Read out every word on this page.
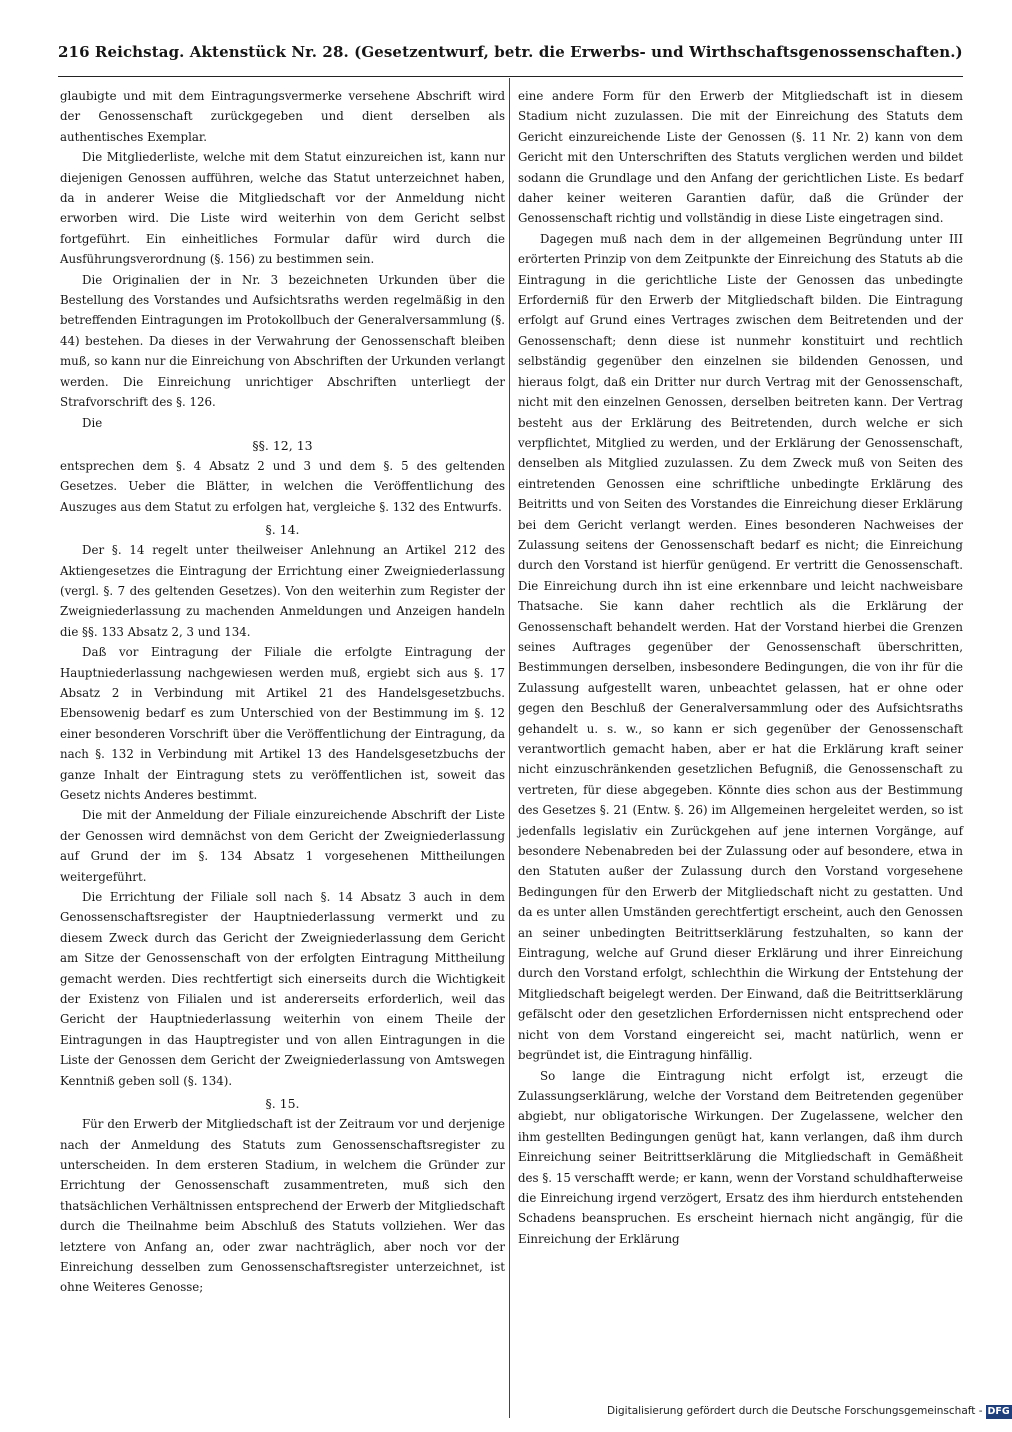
216 Reichstag. Aktenstück Nr. 28. (Gesetzentwurf, betr. die Erwerbs- und Wirthschaftsgenossenschaften.)

glaubigte und mit dem Eintragungsvermerke versehene Abschrift wird der Genossenschaft zurückgegeben und dient derselben als authentisches Exemplar.

Die Mitgliederliste, welche mit dem Statut einzureichen ist, kann nur diejenigen Genossen aufführen, welche das Statut unterzeichnet haben, da in anderer Weise die Mitgliedschaft vor der Anmeldung nicht erworben wird. Die Liste wird weiterhin von dem Gericht selbst fortgeführt. Ein einheitliches Formular dafür wird durch die Ausführungsverordnung (§. 156) zu bestimmen sein.

Die Originalien der in Nr. 3 bezeichneten Urkunden über die Bestellung des Vorstandes und Aufsichtsraths werden regelmäßig in den betreffenden Eintragungen im Protokollbuch der Generalversammlung (§. 44) bestehen. Da dieses in der Verwahrung der Genossenschaft bleiben muß, so kann nur die Einreichung von Abschriften der Urkunden verlangt werden. Die Einreichung unrichtiger Abschriften unterliegt der Strafvorschrift des §. 126.

Die

§§. 12, 13

entsprechen dem §. 4 Absatz 2 und 3 und dem §. 5 des geltenden Gesetzes. Ueber die Blätter, in welchen die Veröffentlichung des Auszuges aus dem Statut zu erfolgen hat, vergleiche §. 132 des Entwurfs.

§. 14.

Der §. 14 regelt unter theilweiser Anlehnung an Artikel 212 des Aktiengesetzes die Eintragung der Errichtung einer Zweigniederlassung (vergl. §. 7 des geltenden Gesetzes). Von den weiterhin zum Register der Zweigniederlassung zu machenden Anmeldungen und Anzeigen handeln die §§. 133 Absatz 2, 3 und 134.

Daß vor Eintragung der Filiale die erfolgte Eintragung der Hauptniederlassung nachgewiesen werden muß, ergiebt sich aus §. 17 Absatz 2 in Verbindung mit Artikel 21 des Handelsgesetzbuchs. Ebensowenig bedarf es zum Unterschied von der Bestimmung im §. 12 einer besonderen Vorschrift über die Veröffentlichung der Eintragung, da nach §. 132 in Verbindung mit Artikel 13 des Handelsgesetzbuchs der ganze Inhalt der Eintragung stets zu veröffentlichen ist, soweit das Gesetz nichts Anderes bestimmt.

Die mit der Anmeldung der Filiale einzureichende Abschrift der Liste der Genossen wird demnächst von dem Gericht der Zweigniederlassung auf Grund der im §. 134 Absatz 1 vorgesehenen Mittheilungen weitergeführt.

Die Errichtung der Filiale soll nach §. 14 Absatz 3 auch in dem Genossenschaftsregister der Hauptniederlassung vermerkt und zu diesem Zweck durch das Gericht der Zweigniederlassung dem Gericht am Sitze der Genossenschaft von der erfolgten Eintragung Mittheilung gemacht werden. Dies rechtfertigt sich einerseits durch die Wichtigkeit der Existenz von Filialen und ist andererseits erforderlich, weil das Gericht der Hauptniederlassung weiterhin von einem Theile der Eintragungen in das Hauptregister und von allen Eintragungen in die Liste der Genossen dem Gericht der Zweigniederlassung von Amtswegen Kenntniß geben soll (§. 134).

§. 15.

Für den Erwerb der Mitgliedschaft ist der Zeitraum vor und derjenige nach der Anmeldung des Statuts zum Genossenschaftsregister zu unterscheiden. In dem ersteren Stadium, in welchem die Gründer zur Errichtung der Genossenschaft zusammentreten, muß sich den thatsächlichen Verhältnissen entsprechend der Erwerb der Mitgliedschaft durch die Theilnahme beim Abschluß des Statuts vollziehen. Wer das letztere von Anfang an, oder zwar nachträglich, aber noch vor der Einreichung desselben zum Genossenschaftsregister unterzeichnet, ist ohne Weiteres Genosse;

eine andere Form für den Erwerb der Mitgliedschaft ist in diesem Stadium nicht zuzulassen. Die mit der Einreichung des Statuts dem Gericht einzureichende Liste der Genossen (§. 11 Nr. 2) kann von dem Gericht mit den Unterschriften des Statuts verglichen werden und bildet sodann die Grundlage und den Anfang der gerichtlichen Liste. Es bedarf daher keiner weiteren Garantien dafür, daß die Gründer der Genossenschaft richtig und vollständig in diese Liste eingetragen sind.

Dagegen muß nach dem in der allgemeinen Begründung unter III erörterten Prinzip von dem Zeitpunkte der Einreichung des Statuts ab die Eintragung in die gerichtliche Liste der Genossen das unbedingte Erforderniß für den Erwerb der Mitgliedschaft bilden. Die Eintragung erfolgt auf Grund eines Vertrages zwischen dem Beitretenden und der Genossenschaft; denn diese ist nunmehr konstituirt und rechtlich selbständig gegenüber den einzelnen sie bildenden Genossen, und hieraus folgt, daß ein Dritter nur durch Vertrag mit der Genossenschaft, nicht mit den einzelnen Genossen, derselben beitreten kann. Der Vertrag besteht aus der Erklärung des Beitretenden, durch welche er sich verpflichtet, Mitglied zu werden, und der Erklärung der Genossenschaft, denselben als Mitglied zuzulassen. Zu dem Zweck muß von Seiten des eintretenden Genossen eine schriftliche unbedingte Erklärung des Beitritts und von Seiten des Vorstandes die Einreichung dieser Erklärung bei dem Gericht verlangt werden. Eines besonderen Nachweises der Zulassung seitens der Genossenschaft bedarf es nicht; die Einreichung durch den Vorstand ist hierfür genügend. Er vertritt die Genossenschaft. Die Einreichung durch ihn ist eine erkennbare und leicht nachweisbare Thatsache. Sie kann daher rechtlich als die Erklärung der Genossenschaft behandelt werden. Hat der Vorstand hierbei die Grenzen seines Auftrages gegenüber der Genossenschaft überschritten, Bestimmungen derselben, insbesondere Bedingungen, die von ihr für die Zulassung aufgestellt waren, unbeachtet gelassen, hat er ohne oder gegen den Beschluß der Generalversammlung oder des Aufsichtsraths gehandelt u. s. w., so kann er sich gegenüber der Genossenschaft verantwortlich gemacht haben, aber er hat die Erklärung kraft seiner nicht einzuschränkenden gesetzlichen Befugniß, die Genossenschaft zu vertreten, für diese abgegeben. Könnte dies schon aus der Bestimmung des Gesetzes §. 21 (Entw. §. 26) im Allgemeinen hergeleitet werden, so ist jedenfalls legislativ ein Zurückgehen auf jene internen Vorgänge, auf besondere Nebenabreden bei der Zulassung oder auf besondere, etwa in den Statuten außer der Zulassung durch den Vorstand vorgesehene Bedingungen für den Erwerb der Mitgliedschaft nicht zu gestatten. Und da es unter allen Umständen gerechtfertigt erscheint, auch den Genossen an seiner unbedingten Beitrittserklärung festzuhalten, so kann der Eintragung, welche auf Grund dieser Erklärung und ihrer Einreichung durch den Vorstand erfolgt, schlechthin die Wirkung der Entstehung der Mitgliedschaft beigelegt werden. Der Einwand, daß die Beitrittserklärung gefälscht oder den gesetzlichen Erfordernissen nicht entsprechend oder nicht von dem Vorstand eingereicht sei, macht natürlich, wenn er begründet ist, die Eintragung hinfällig.

So lange die Eintragung nicht erfolgt ist, erzeugt die Zulassungserklärung, welche der Vorstand dem Beitretenden gegenüber abgiebt, nur obligatorische Wirkungen. Der Zugelassene, welcher den ihm gestellten Bedingungen genügt hat, kann verlangen, daß ihm durch Einreichung seiner Beitrittserklärung die Mitgliedschaft in Gemäßheit des §. 15 verschafft werde; er kann, wenn der Vorstand schuldhafterweise die Einreichung irgend verzögert, Ersatz des ihm hierdurch entstehenden Schadens beanspruchen. Es erscheint hiernach nicht angängig, für die Einreichung der Erklärung

Digitalisierung gefördert durch die Deutsche Forschungsgemeinschaft - DFG
